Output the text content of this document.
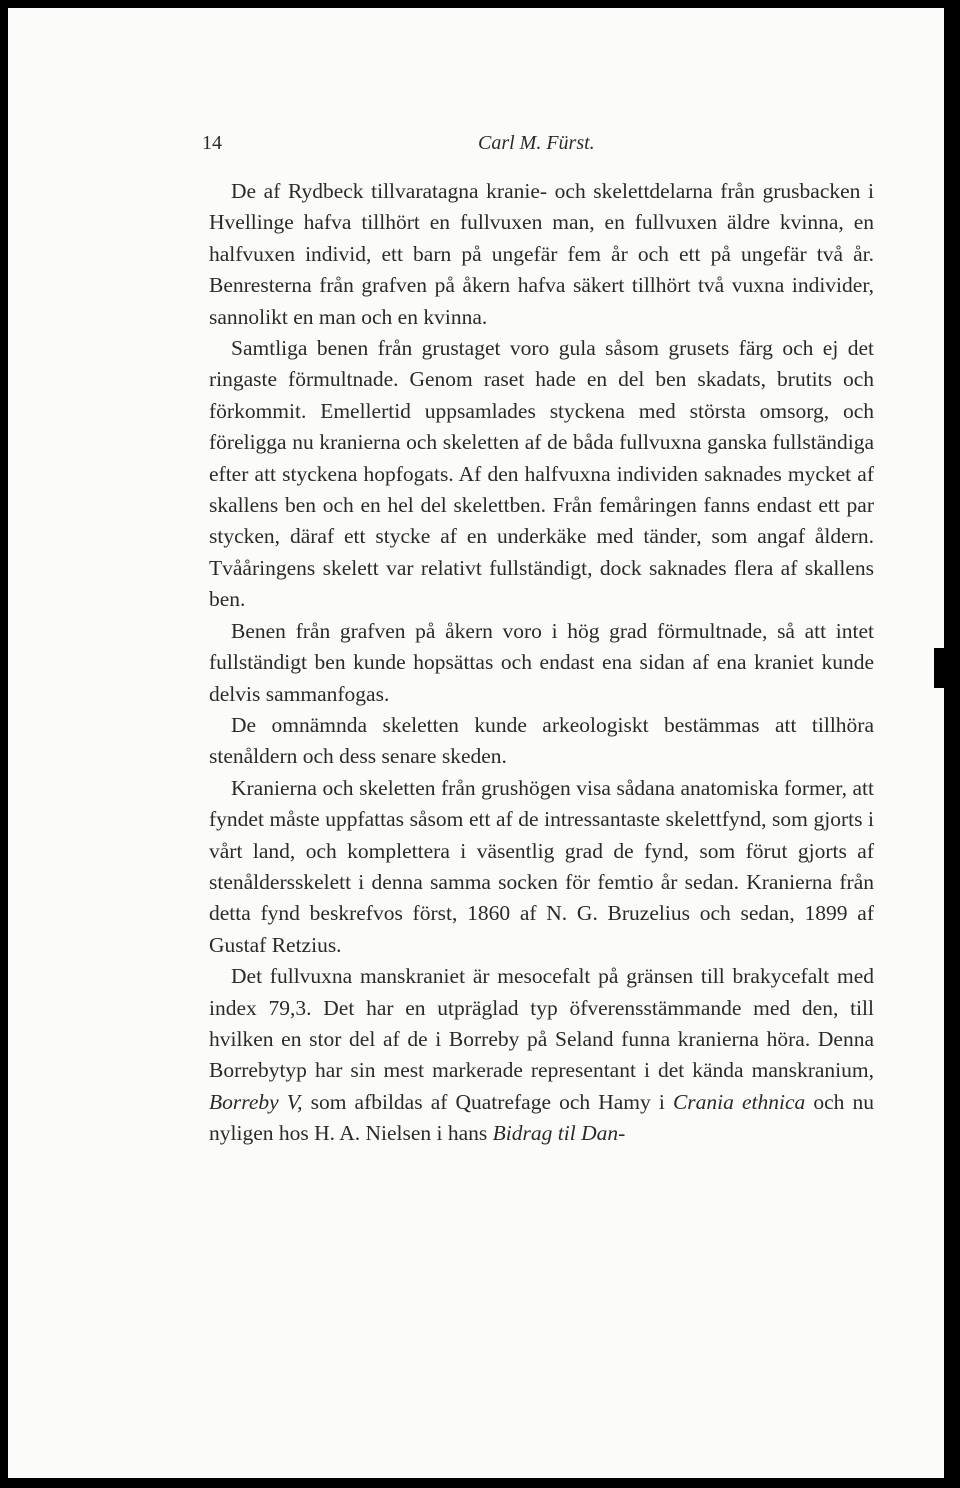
14	Carl M. Fürst.

De af Rydbeck tillvaratagna kranie- och skelettdelarna från grusbacken i Hvellinge hafva tillhört en fullvuxen man, en fullvuxen äldre kvinna, en halfvuxen individ, ett barn på ungefär fem år och ett på ungefär två år. Benresterna från grafven på åkern hafva säkert tillhört två vuxna individer, sannolikt en man och en kvinna.

Samtliga benen från grustaget voro gula såsom grusets färg och ej det ringaste förmultnade. Genom raset hade en del ben skadats, brutits och förkommit. Emellertid uppsamlades styckena med största omsorg, och föreligga nu kranierna och skeletten af de båda fullvuxna ganska fullständiga efter att styckena hopfogats. Af den halfvuxna individen saknades mycket af skallens ben och en hel del skelettben. Från femåringen fanns endast ett par stycken, däraf ett stycke af en underkäke med tänder, som angaf åldern. Tvååringens skelett var relativt fullständigt, dock saknades flera af skallens ben.

Benen från grafven på åkern voro i hög grad förmultnade, så att intet fullständigt ben kunde hopsättas och endast ena sidan af ena kraniet kunde delvis sammanfogas.

De omnämnda skeletten kunde arkeologiskt bestämmas att tillhöra stenåldern och dess senare skeden.

Kranierna och skeletten från grushögen visa sådana anatomiska former, att fyndet måste uppfattas såsom ett af de intressantaste skelettfynd, som gjorts i vårt land, och komplettera i väsentlig grad de fynd, som förut gjorts af stenåldersskelett i denna samma socken för femtio år sedan. Kranierna från detta fynd beskrefvos först, 1860 af N. G. Bruzelius och sedan, 1899 af Gustaf Retzius.

Det fullvuxna manskraniet är mesocefalt på gränsen till brakycefalt med index 79,3. Det har en utpräglad typ öfverensstämmande med den, till hvilken en stor del af de i Borreby på Seland funna kranierna höra. Denna Borrebytyp har sin mest markerade representant i det kända manskranium, Borreby V, som afbildas af Quatrefage och Hamy i Crania ethnica och nu nyligen hos H. A. Nielsen i hans Bidrag til Dan-
